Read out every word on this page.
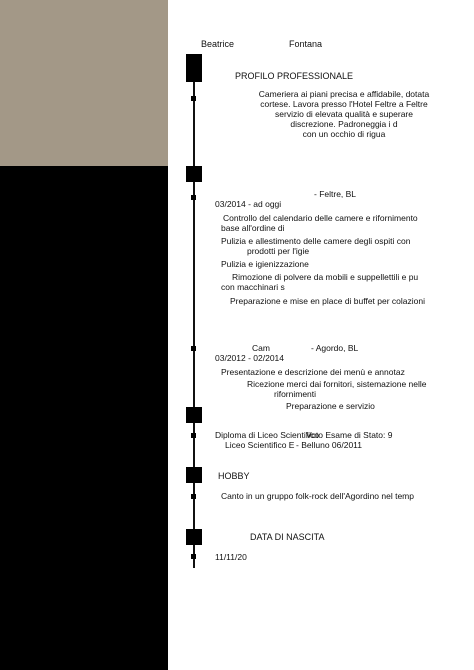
Beatrice	Fontana
PROFILO PROFESSIONALE
Cameriera ai piani precisa e affidabile, dotata
cortese. Lavora presso l'Hotel Feltre a Feltre
servizio di elevata qualità e superare
discrezione. Padroneggia i d
con un occhio di rigua
- Feltre, BL
03/2014 - ad oggi
Controllo del calendario delle camere e rifornimento
base all'ordine di
Pulizia e allestimento delle camere degli ospiti con
prodotti per l'igie
Pulizia e igienizzazione
Rimozione di polvere da mobili e suppellettili e pu
con macchinari s
Preparazione e mise en place di buffet per colazioni
Cam	- Agordo, BL
03/2012 - 02/2014
Presentazione e descrizione dei menù e annotaz
Ricezione merci dai fornitori, sistemazione nelle
rifornimenti
Preparazione e servizio
Diploma di Liceo Scientifico
Voto Esame di Stato: 9
Liceo Scientifico E - Belluno 06/2011
HOBBY
Canto in un gruppo folk-rock dell'Agordino nel temp
DATA DI NASCITA
11/11/20
